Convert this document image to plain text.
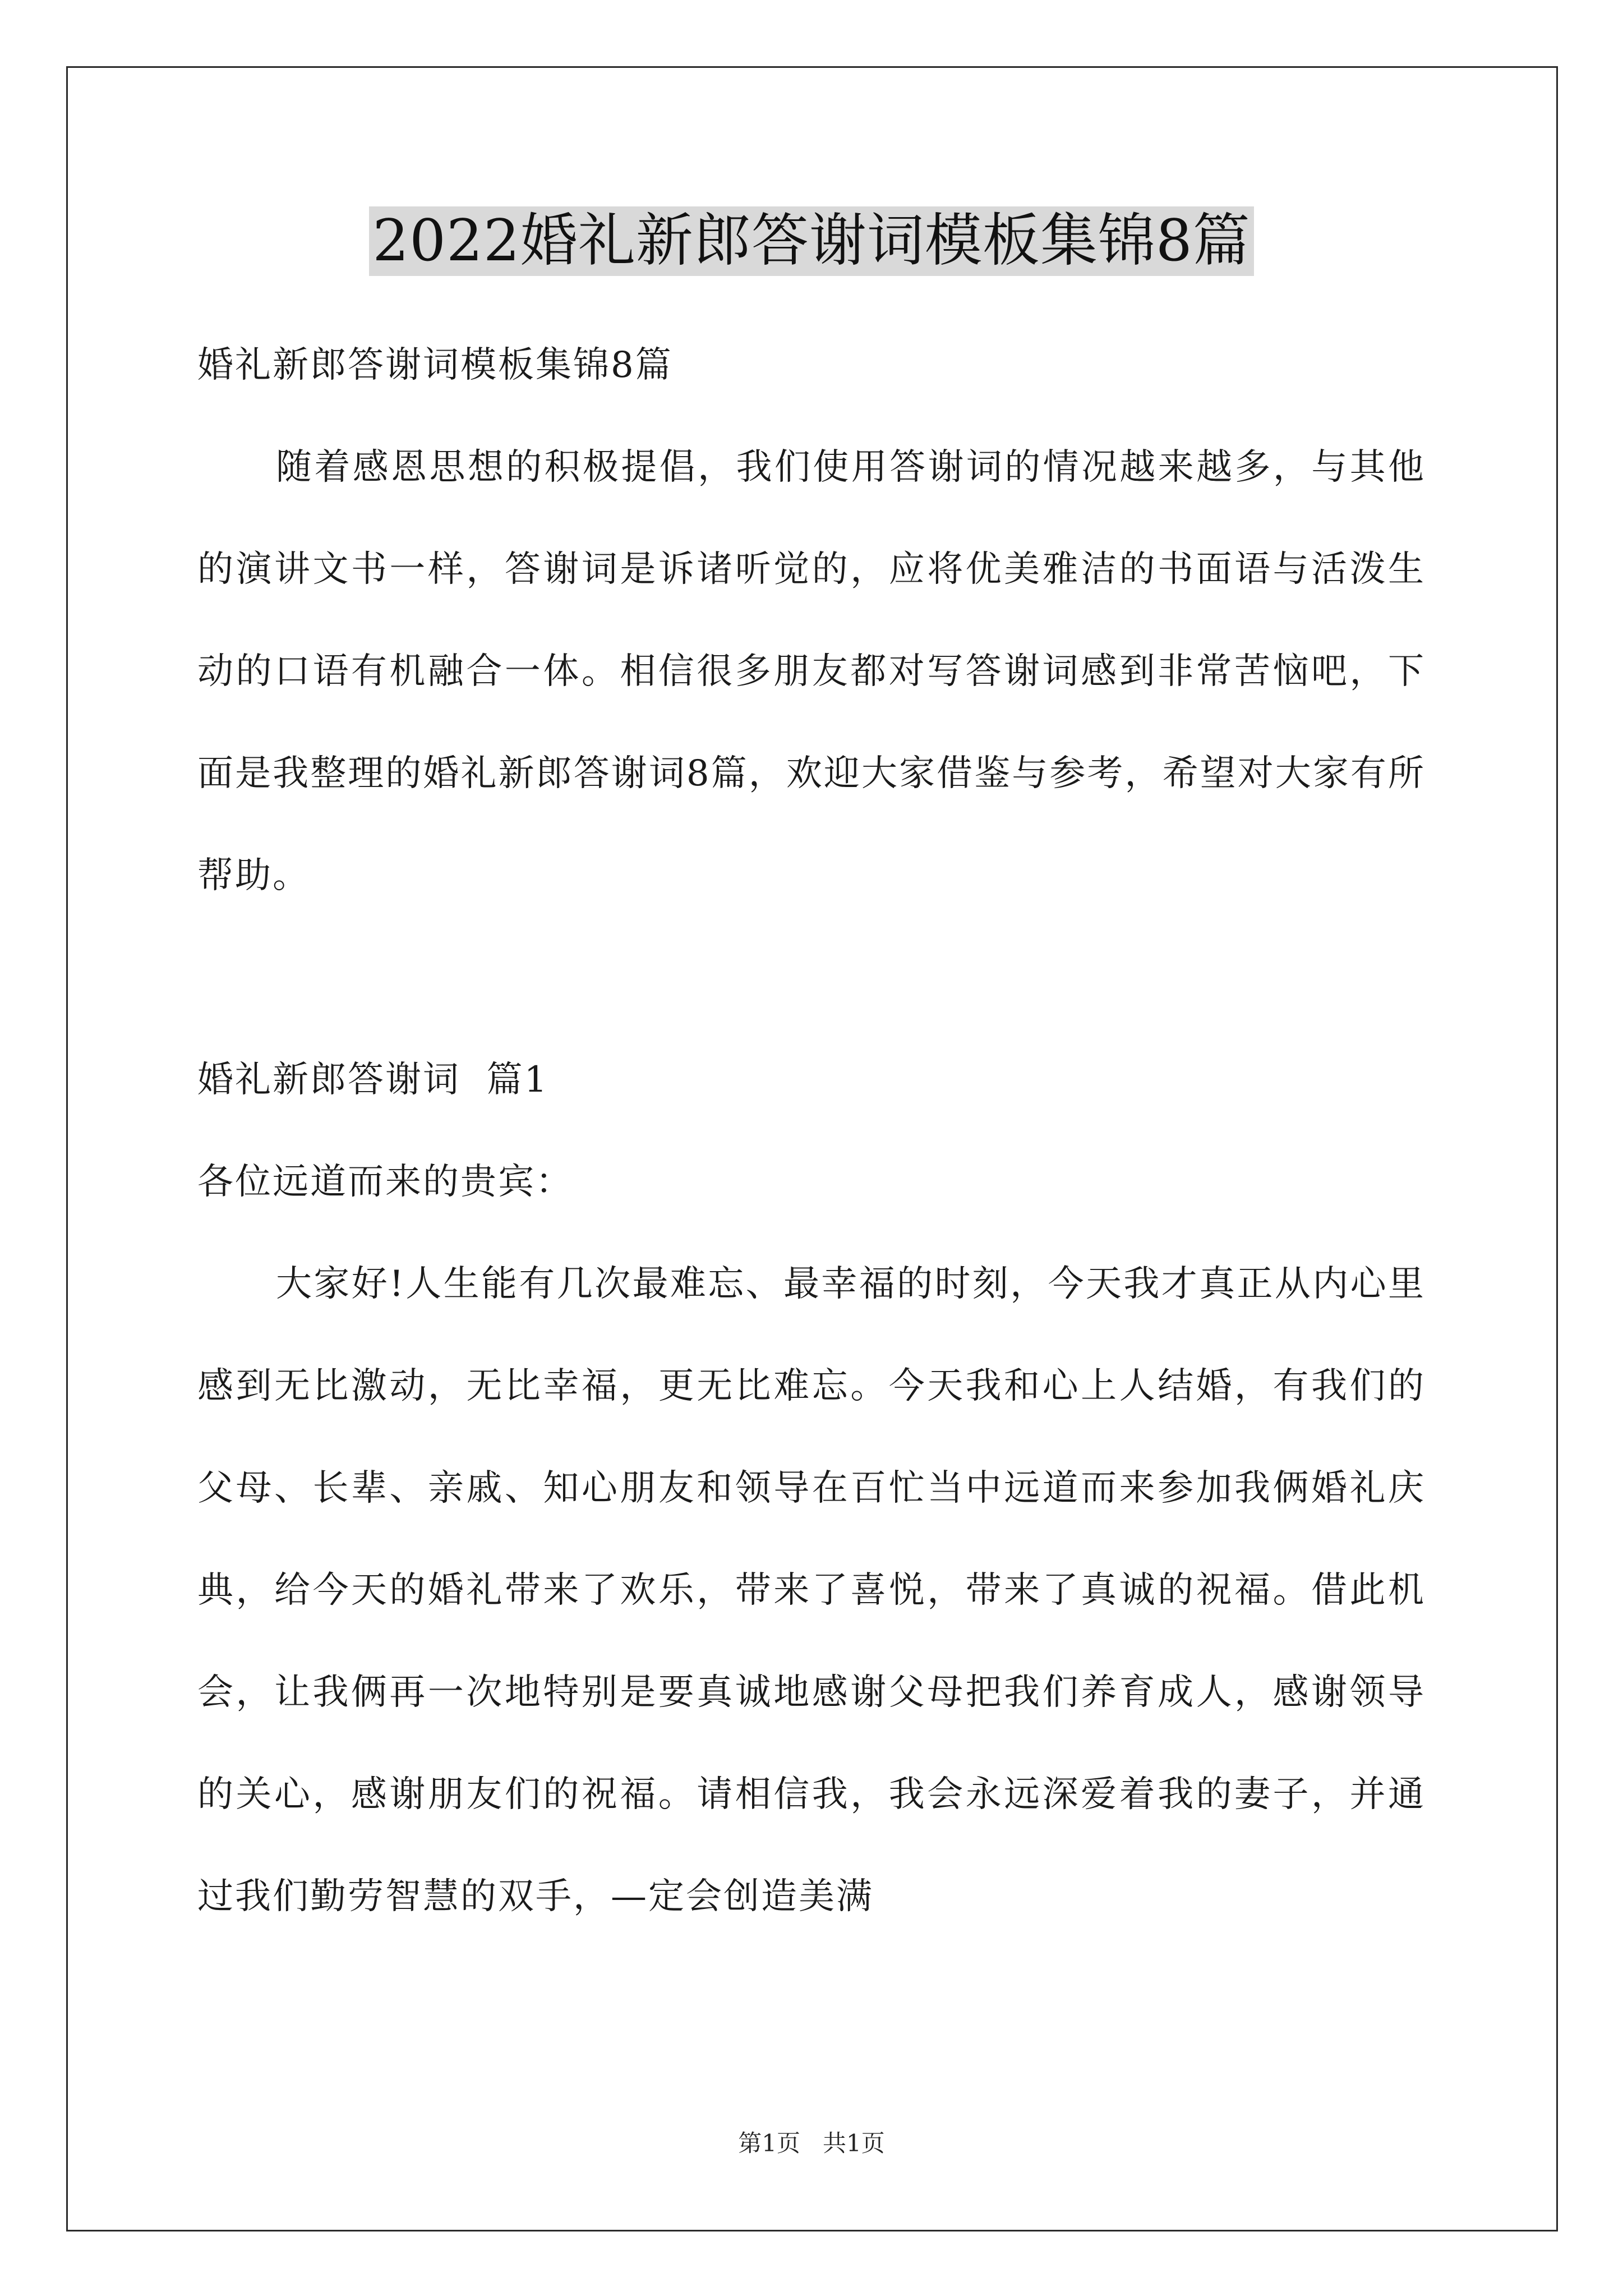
2022婚礼新郎答谢词模板集锦8篇

婚礼新郎答谢词模板集锦8篇

随着感恩思想的积极提倡，我们使用答谢词的情况越来越多，与其他的演讲文书一样，答谢词是诉诸听觉的，应将优美雅洁的书面语与活泼生动的口语有机融合一体。相信很多朋友都对写答谢词感到非常苦恼吧，下面是我整理的婚礼新郎答谢词8篇，欢迎大家借鉴与参考，希望对大家有所帮助。

婚礼新郎答谢词  篇1

各位远道而来的贵宾：

大家好!人生能有几次最难忘、最幸福的时刻，今天我才真正从内心里感到无比激动，无比幸福，更无比难忘。今天我和心上人结婚，有我们的父母、长辈、亲戚、知心朋友和领导在百忙当中远道而来参加我俩婚礼庆典，给今天的婚礼带来了欢乐，带来了喜悦，带来了真诚的祝福。借此机会，让我俩再一次地特别是要真诚地感谢父母把我们养育成人，感谢领导的关心，感谢朋友们的祝福。请相信我，我会永远深爱着我的妻子，并通过我们勤劳智慧的双手，—定会创造美满

第1页   共1页
